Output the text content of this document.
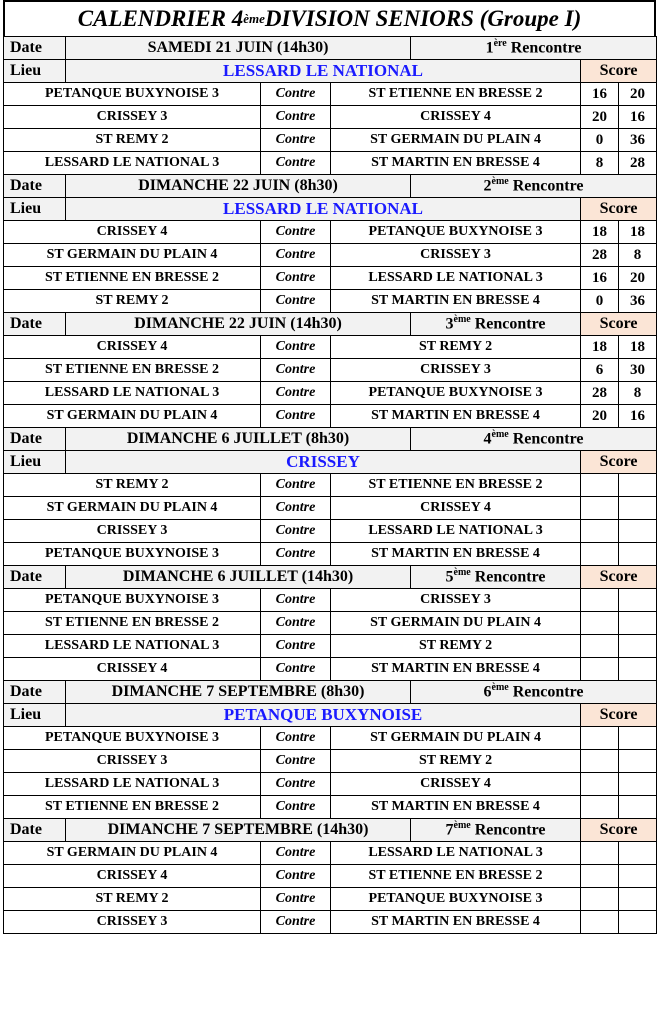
CALENDRIER 4 ème DIVISION SENIORS (Groupe I)
Date	SAMEDI 21 JUIN (14h30)			1ère Rencontre		
Lieu	LESSARD LE NATIONAL				Score	
PETANQUE BUXYNOISE 3		Contre	ST ETIENNE EN BRESSE 2		16	20
CRISSEY 3		Contre	CRISSEY 4		20	16
ST REMY 2		Contre	ST GERMAIN DU PLAIN 4		0	36
LESSARD LE NATIONAL 3		Contre	ST MARTIN EN BRESSE 4		8	28
Date	DIMANCHE 22 JUIN (8h30)			2ème Rencontre		
Lieu	LESSARD LE NATIONAL				Score	
CRISSEY 4		Contre	PETANQUE BUXYNOISE 3		18	18
ST GERMAIN DU PLAIN 4		Contre	CRISSEY 3		28	8
ST ETIENNE EN BRESSE 2		Contre	LESSARD LE NATIONAL 3		16	20
ST REMY 2		Contre	ST MARTIN EN BRESSE 4		0	36
Date	DIMANCHE 22 JUIN (14h30)			3ème Rencontre	Score	
CRISSEY 4		Contre	ST REMY 2		18	18
ST ETIENNE EN BRESSE 2		Contre	CRISSEY 3		6	30
LESSARD LE NATIONAL 3		Contre	PETANQUE BUXYNOISE 3		28	8
ST GERMAIN DU PLAIN 4		Contre	ST MARTIN EN BRESSE 4		20	16
Date	DIMANCHE 6 JUILLET (8h30)			4ème Rencontre		
Lieu	CRISSEY				Score	
ST REMY 2		Contre	ST ETIENNE EN BRESSE 2			
ST GERMAIN DU PLAIN 4		Contre	CRISSEY 4			
CRISSEY 3		Contre	LESSARD LE NATIONAL 3			
PETANQUE BUXYNOISE 3		Contre	ST MARTIN EN BRESSE 4			
Date	DIMANCHE 6 JUILLET (14h30)			5ème Rencontre	Score	
PETANQUE BUXYNOISE 3		Contre	CRISSEY 3			
ST ETIENNE EN BRESSE 2		Contre	ST GERMAIN DU PLAIN 4			
LESSARD LE NATIONAL 3		Contre	ST REMY 2			
CRISSEY 4		Contre	ST MARTIN EN BRESSE 4			
Date	DIMANCHE 7 SEPTEMBRE (8h30)			6ème Rencontre		
Lieu	PETANQUE BUXYNOISE				Score	
PETANQUE BUXYNOISE 3		Contre	ST GERMAIN DU PLAIN 4			
CRISSEY 3		Contre	ST REMY 2			
LESSARD LE NATIONAL 3		Contre	CRISSEY 4			
ST ETIENNE EN BRESSE 2		Contre	ST MARTIN EN BRESSE 4			
Date	DIMANCHE 7 SEPTEMBRE (14h30)			7ème Rencontre	Score	
ST GERMAIN DU PLAIN 4		Contre	LESSARD LE NATIONAL 3			
CRISSEY 4		Contre	ST ETIENNE EN BRESSE 2			
ST REMY 2		Contre	PETANQUE BUXYNOISE 3			
CRISSEY 3		Contre	ST MARTIN EN BRESSE 4			
